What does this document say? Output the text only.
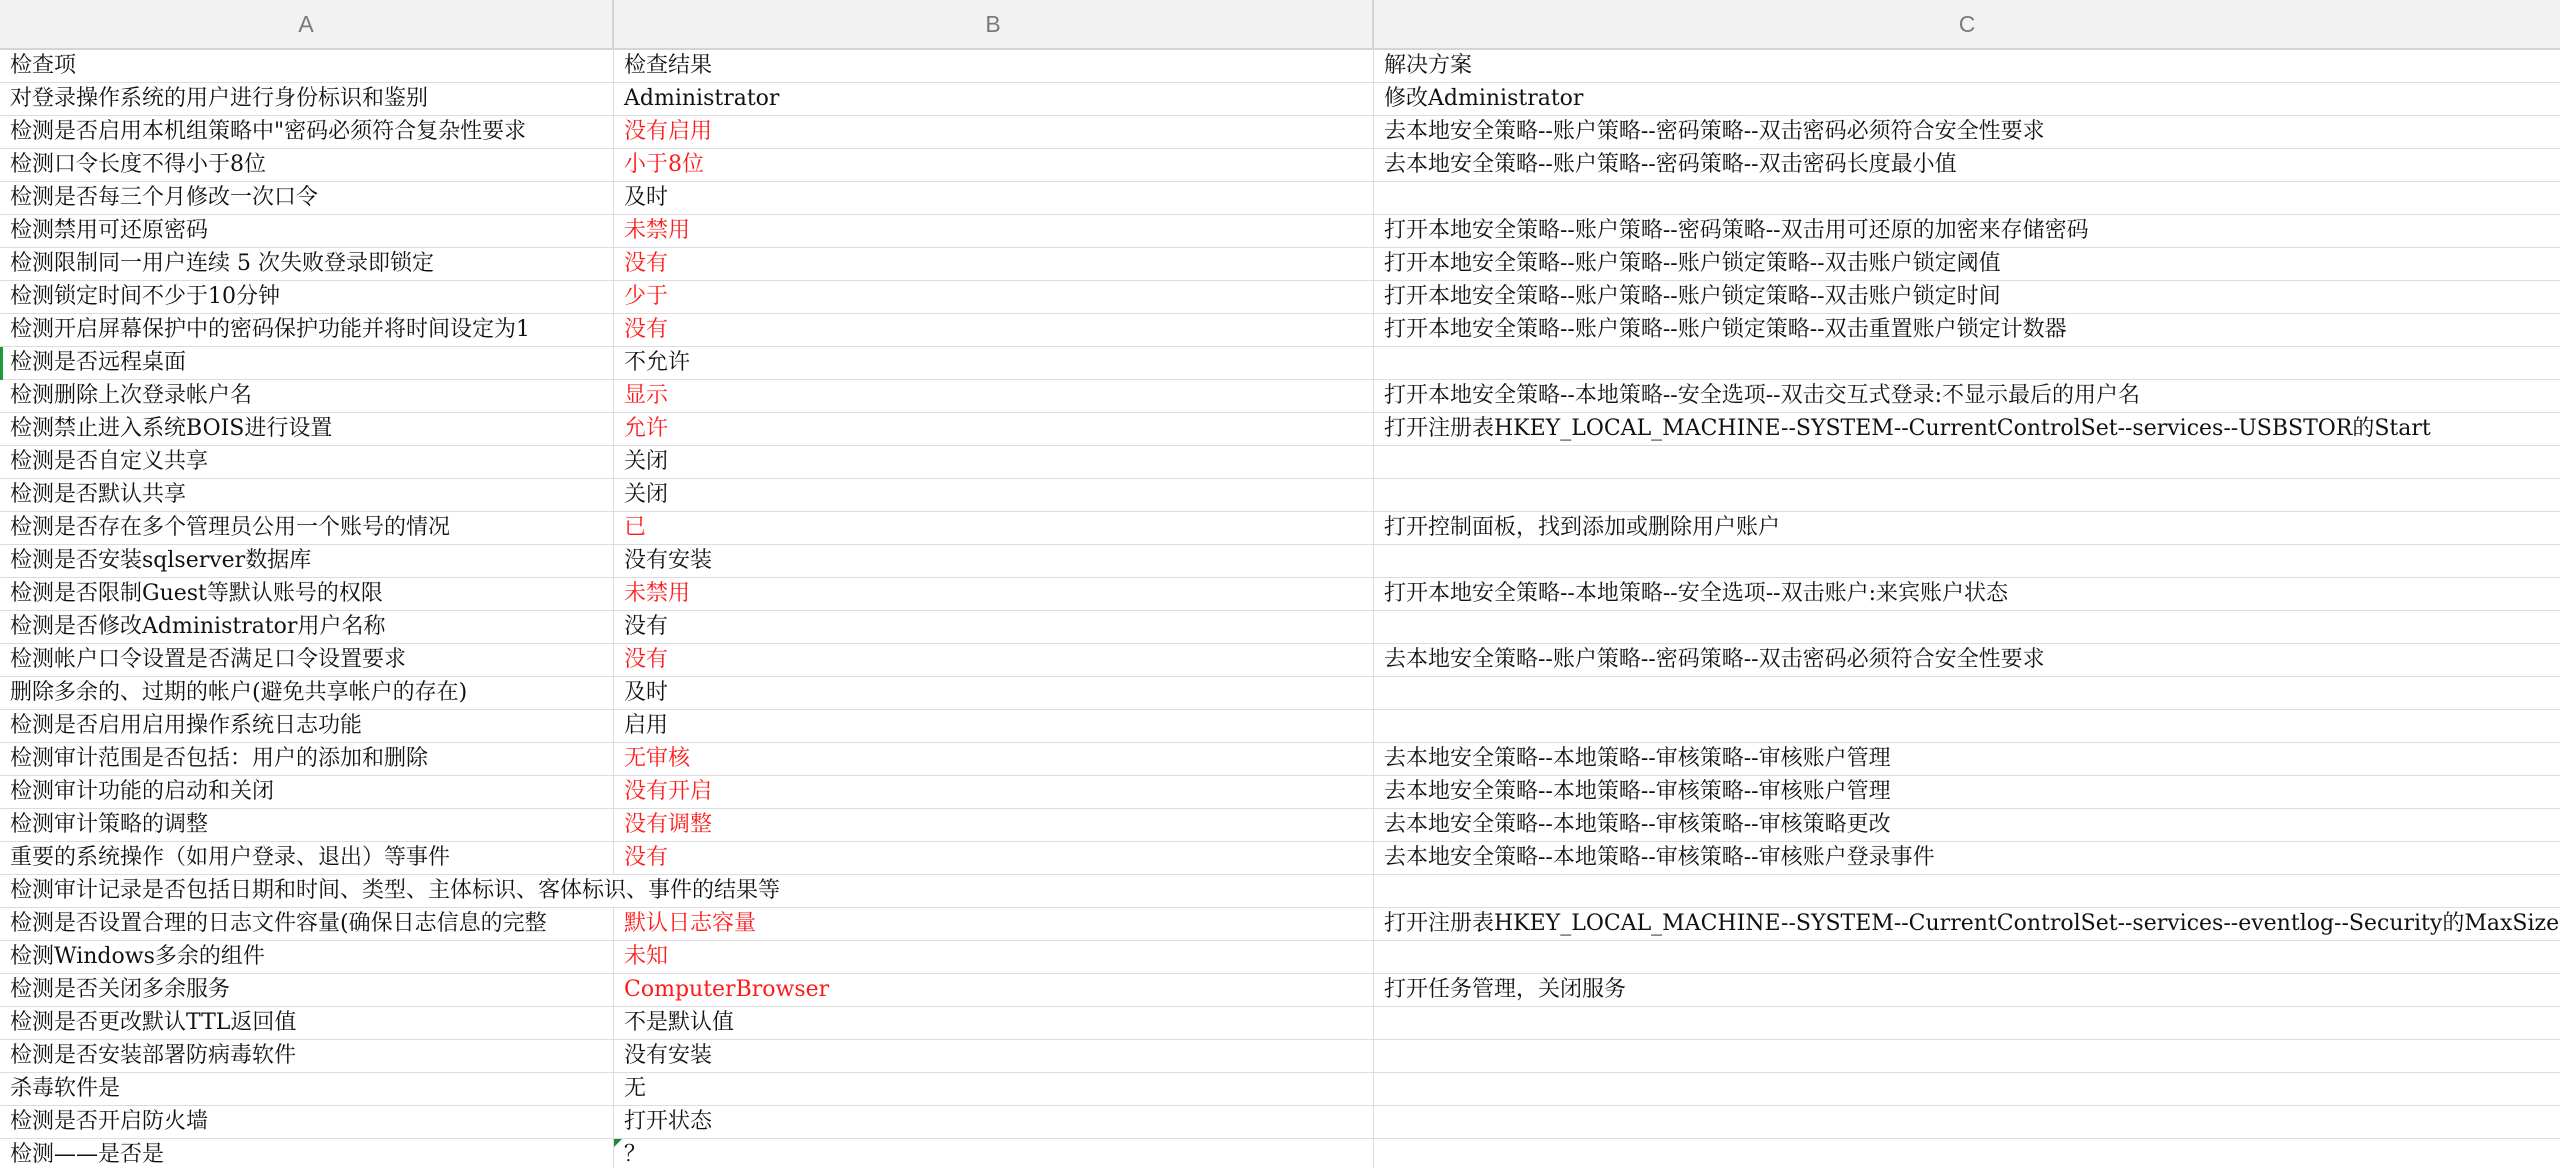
A	B	C
检查项	检查结果	解决方案
对登录操作系统的用户进行身份标识和鉴别	Administrator	修改Administrator
检测是否启用本机组策略中"密码必须符合复杂性要求	没有启用	去本地安全策略--账户策略--密码策略--双击密码必须符合安全性要求
检测口令长度不得小于8位	小于8位	去本地安全策略--账户策略--密码策略--双击密码长度最小值
检测是否每三个月修改一次口令	及时
检测禁用可还原密码	未禁用	打开本地安全策略--账户策略--密码策略--双击用可还原的加密来存储密码
检测限制同一用户连续 5 次失败登录即锁定	没有	打开本地安全策略--账户策略--账户锁定策略--双击账户锁定阈值
检测锁定时间不少于10分钟	少于	打开本地安全策略--账户策略--账户锁定策略--双击账户锁定时间
检测开启屏幕保护中的密码保护功能并将时间设定为1	没有	打开本地安全策略--账户策略--账户锁定策略--双击重置账户锁定计数器
检测是否远程桌面	不允许
检测删除上次登录帐户名	显示	打开本地安全策略--本地策略--安全选项--双击交互式登录:不显示最后的用户名
检测禁止进入系统BOIS进行设置	允许	打开注册表HKEY_LOCAL_MACHINE--SYSTEM--CurrentControlSet--services--USBSTOR的Start
检测是否自定义共享	关闭
检测是否默认共享	关闭
检测是否存在多个管理员公用一个账号的情况	已	打开控制面板，找到添加或删除用户账户
检测是否安装sqlserver数据库	没有安装
检测是否限制Guest等默认账号的权限	未禁用	打开本地安全策略--本地策略--安全选项--双击账户:来宾账户状态
检测是否修改Administrator用户名称	没有
检测帐户口令设置是否满足口令设置要求	没有	去本地安全策略--账户策略--密码策略--双击密码必须符合安全性要求
删除多余的、过期的帐户(避免共享帐户的存在)	及时
检测是否启用启用操作系统日志功能	启用
检测审计范围是否包括：用户的添加和删除	无审核	去本地安全策略--本地策略--审核策略--审核账户管理
检测审计功能的启动和关闭	没有开启	去本地安全策略--本地策略--审核策略--审核账户管理
检测审计策略的调整	没有调整	去本地安全策略--本地策略--审核策略--审核策略更改
重要的系统操作（如用户登录、退出）等事件	没有	去本地安全策略--本地策略--审核策略--审核账户登录事件
检测审计记录是否包括日期和时间、类型、主体标识、客体标识、事件的结果等
检测是否设置合理的日志文件容量(确保日志信息的完整	默认日志容量	打开注册表HKEY_LOCAL_MACHINE--SYSTEM--CurrentControlSet--services--eventlog--Security的MaxSize
检测Windows多余的组件	未知
检测是否关闭多余服务	ComputerBrowser	打开任务管理，关闭服务
检测是否更改默认TTL返回值	不是默认值
检测是否安装部署防病毒软件	没有安装
杀毒软件是	无
检测是否开启防火墙	打开状态
检测——是否是	？
